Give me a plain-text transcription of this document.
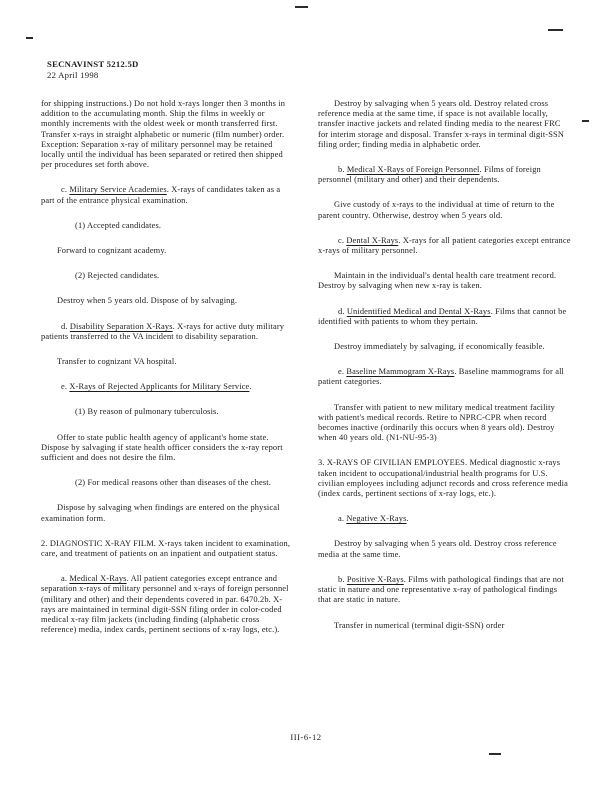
SECNAVINST 5212.5D
22 April 1998

for shipping instructions.) Do not hold x-rays longer then 3 months in addition to the accumulating month. Ship the films in weekly or monthly increments with the oldest week or month transferred first. Transfer x-rays in straight alphabetic or numeric (film number) order. Exception: Separation x-ray of military personnel may be retained locally until the individual has been separated or retired then shipped per procedures set forth above.

c. Military Service Academies. X-rays of candidates taken as a part of the entrance physical examination.

(1) Accepted candidates.

Forward to cognizant academy.

(2) Rejected candidates.

Destroy when 5 years old. Dispose of by salvaging.

d. Disability Separation X-Rays. X-rays for active duty military patients transferred to the VA incident to disability separation.

Transfer to cognizant VA hospital.

e. X-Rays of Rejected Applicants for Military Service.

(1) By reason of pulmonary tuberculosis.

Offer to state public health agency of applicant's home state. Dispose by salvaging if state health officer considers the x-ray report sufficient and does not desire the film.

(2) For medical reasons other than diseases of the chest.

Dispose by salvaging when findings are entered on the physical examination form.

2. DIAGNOSTIC X-RAY FILM. X-rays taken incident to examination, care, and treatment of patients on an inpatient and outpatient status.

a. Medical X-Rays. All patient categories except entrance and separation x-rays of military personnel and x-rays of foreign personnel (military and other) and their dependents covered in par. 6470.2b. X-rays are maintained in terminal digit-SSN filing order in color-coded medical x-ray film jackets (including finding (alphabetic cross reference) media, index cards, pertinent sections of x-ray logs, etc.).

Destroy by salvaging when 5 years old. Destroy related cross reference media at the same time, if space is not available locally, transfer inactive jackets and related finding media to the nearest FRC for interim storage and disposal. Transfer x-rays in terminal digit-SSN filing order; finding media in alphabetic order.

b. Medical X-Rays of Foreign Personnel. Films of foreign personnel (military and other) and their dependents.

Give custody of x-rays to the individual at time of return to the parent country. Otherwise, destroy when 5 years old.

c. Dental X-Rays. X-rays for all patient categories except entrance x-rays of military personnel.

Maintain in the individual's dental health care treatment record. Destroy by salvaging when new x-ray is taken.

d. Unidentified Medical and Dental X-Rays. Films that cannot be identified with patients to whom they pertain.

Destroy immediately by salvaging, if economically feasible.

e. Baseline Mammogram X-Rays. Baseline mammograms for all patient categories.

Transfer with patient to new military medical treatment facility with patient's medical records. Retire to NPRC-CPR when record becomes inactive (ordinarily this occurs when 8 years old). Destroy when 40 years old. (N1-NU-95-3)

3. X-RAYS OF CIVILIAN EMPLOYEES. Medical diagnostic x-rays taken incident to occupational/industrial health programs for U.S. civilian employees including adjunct records and cross reference media (index cards, pertinent sections of x-ray logs, etc.).

a. Negative X-Rays.

Destroy by salvaging when 5 years old. Destroy cross reference media at the same time.

b. Positive X-Rays. Films with pathological findings that are not static in nature and one representative x-ray of pathological findings that are static in nature.

Transfer in numerical (terminal digit-SSN) order

III-6-12
